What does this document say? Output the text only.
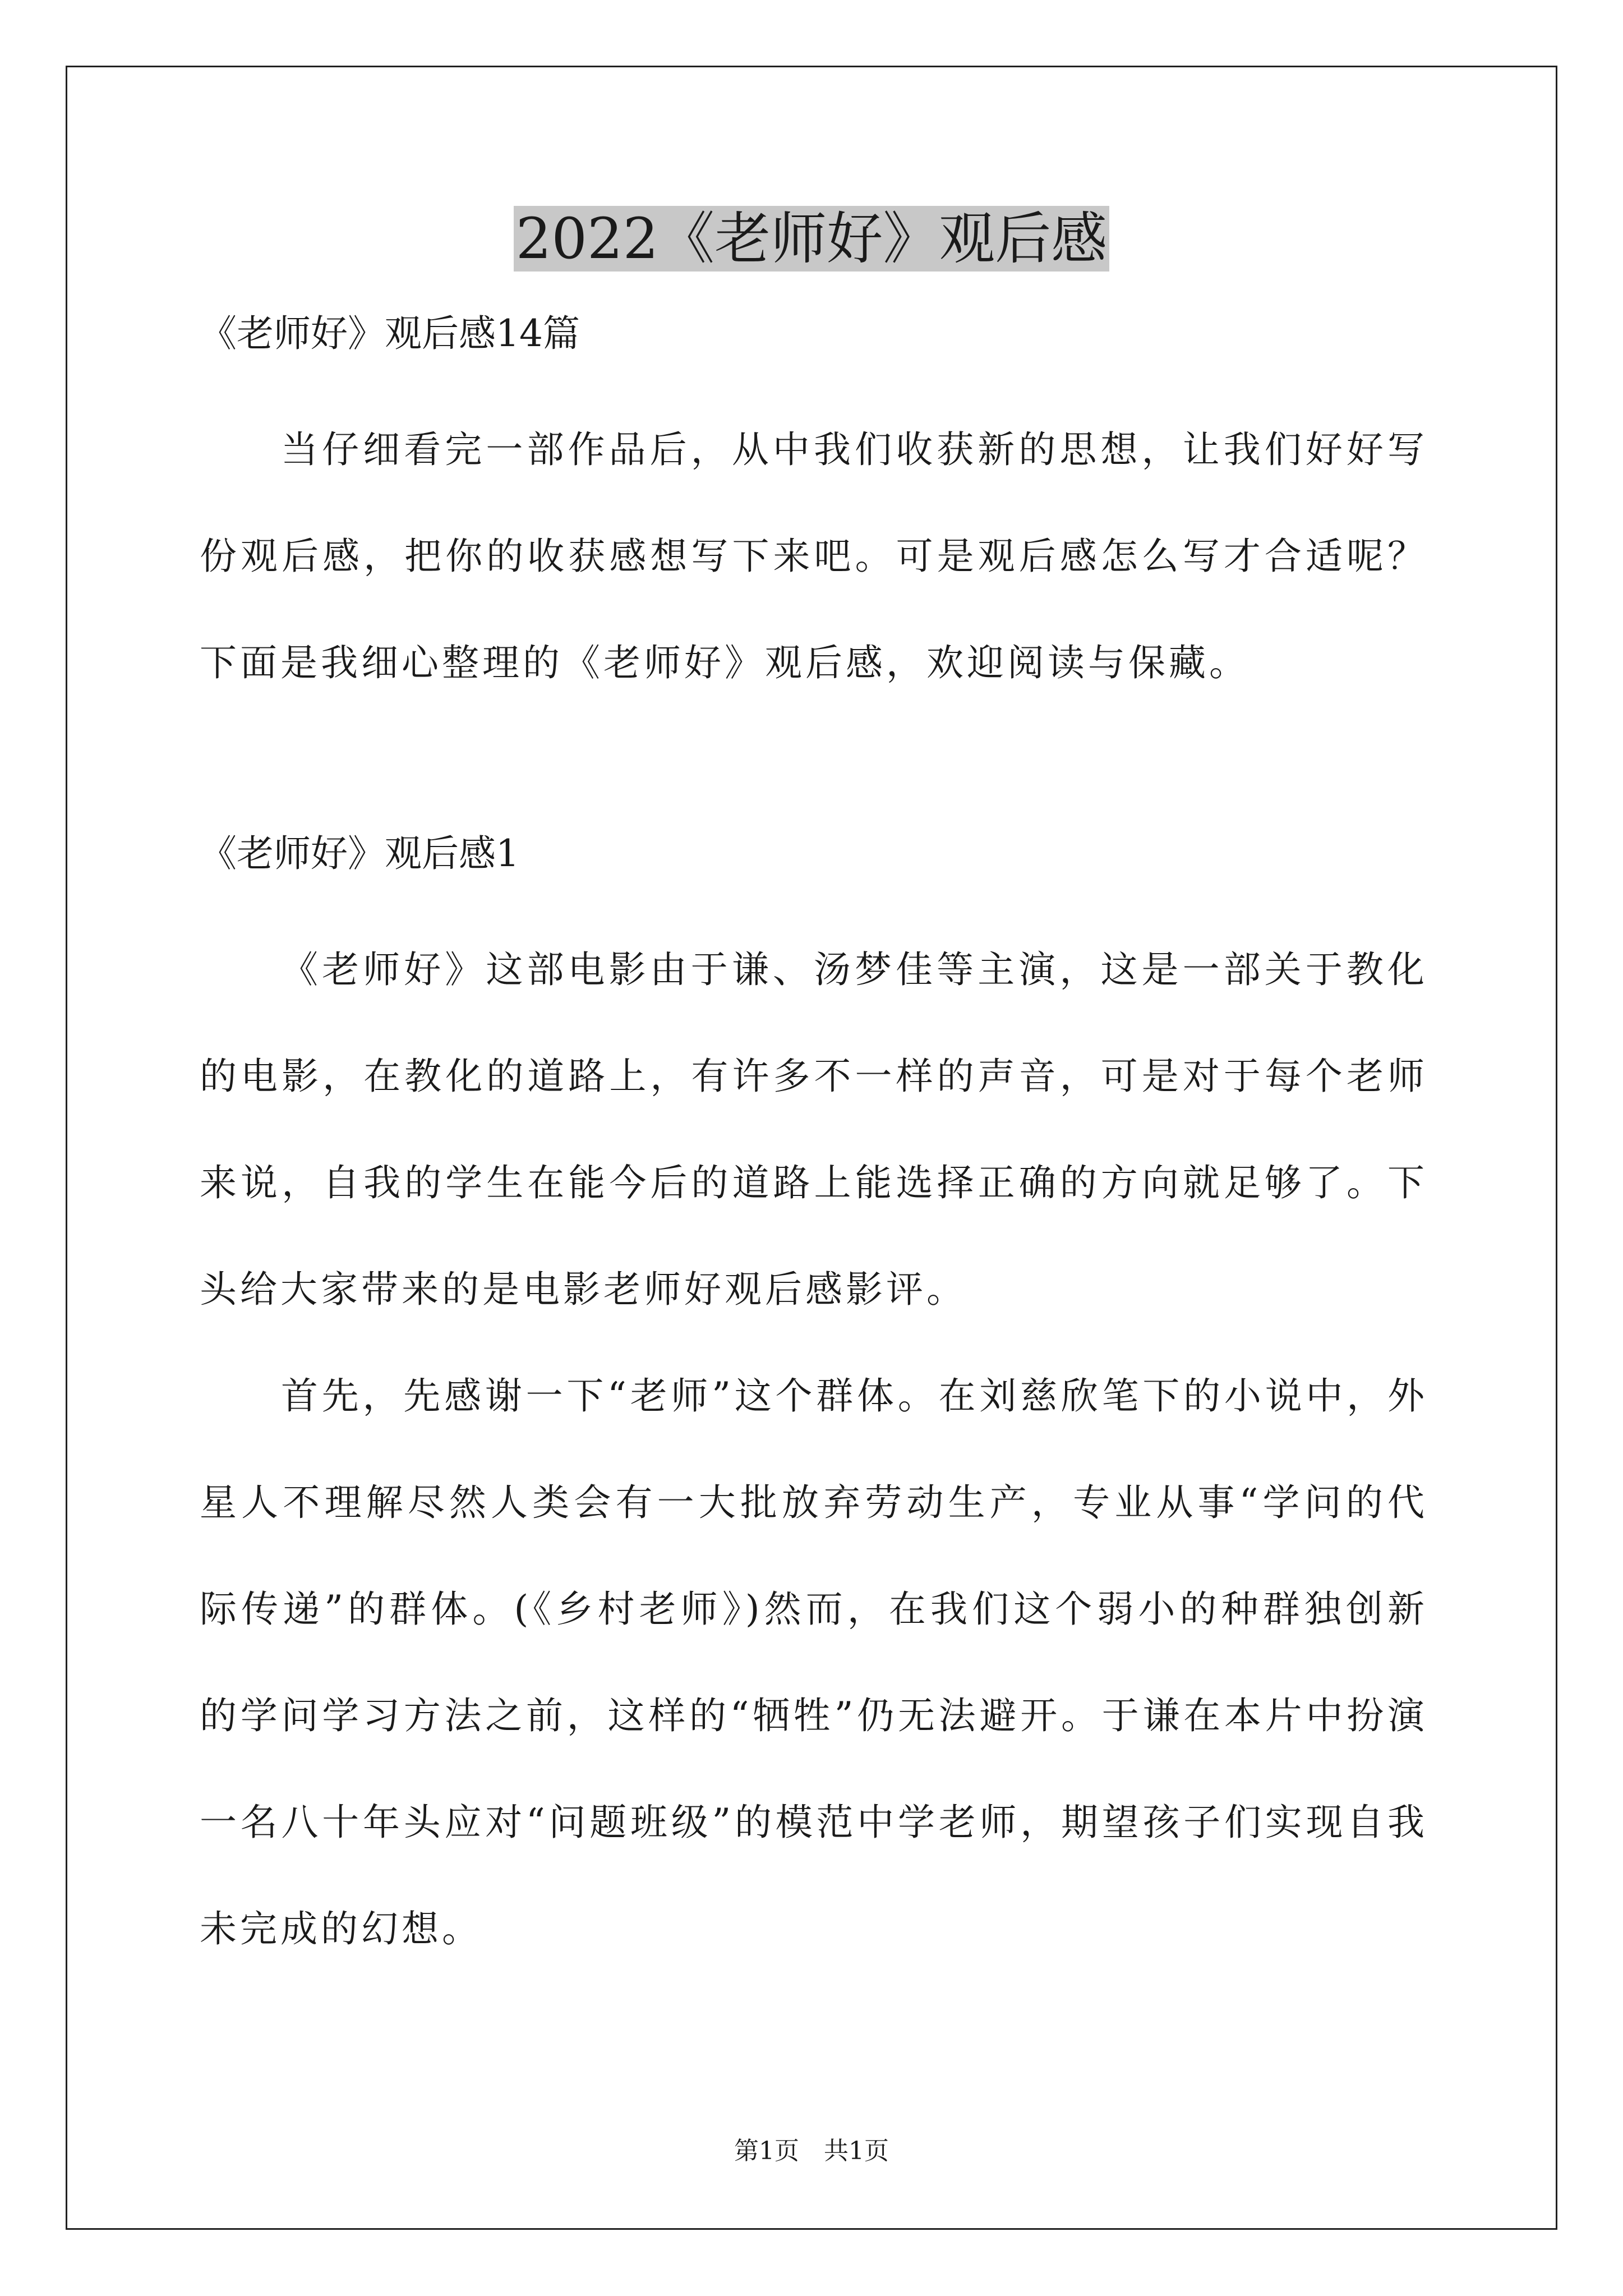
2022《老师好》观后感
《老师好》观后感14篇

当仔细看完一部作品后，从中我们收获新的思想，让我们好好写份观后感，把你的收获感想写下来吧。可是观后感怎么写才合适呢？下面是我细心整理的《老师好》观后感，欢迎阅读与保藏。

《老师好》观后感1

《老师好》这部电影由于谦、汤梦佳等主演，这是一部关于教化的电影，在教化的道路上，有许多不一样的声音，可是对于每个老师来说，自我的学生在能今后的道路上能选择正确的方向就足够了。下头给大家带来的是电影老师好观后感影评。

首先，先感谢一下“老师”这个群体。在刘慈欣笔下的小说中，外星人不理解尽然人类会有一大批放弃劳动生产，专业从事“学问的代际传递”的群体。(《乡村老师》)然而，在我们这个弱小的种群独创新的学问学习方法之前，这样的“牺牲”仍无法避开。于谦在本片中扮演一名八十年头应对“问题班级”的模范中学老师，期望孩子们实现自我未完成的幻想。

第1页　共1页
